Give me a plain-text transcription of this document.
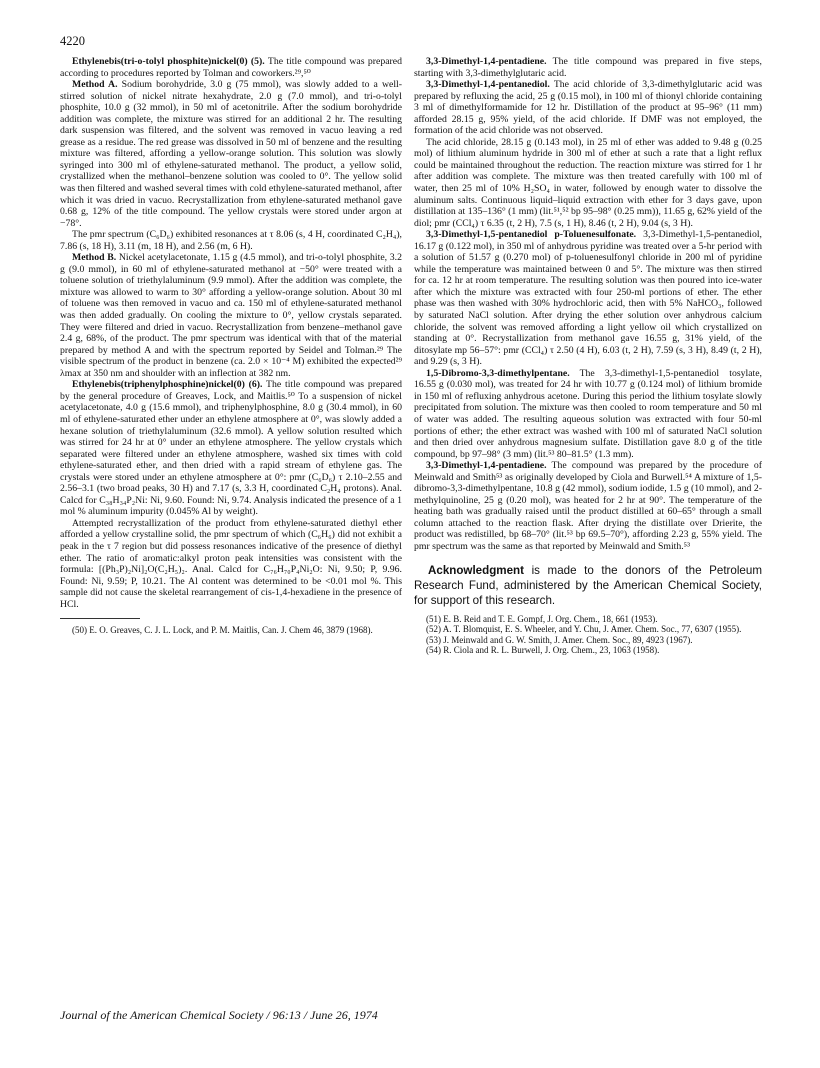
4220

Ethylenebis(tri-o-tolyl phosphite)nickel(0) (5). The title compound was prepared according to procedures reported by Tolman and coworkers.²⁹,⁵⁰

Method A. Sodium borohydride, 3.0 g (75 mmol), was slowly added to a well-stirred solution of nickel nitrate hexahydrate, 2.0 g (7.0 mmol), and tri-o-tolyl phosphite, 10.0 g (32 mmol), in 50 ml of acetonitrile. After the sodium borohydride addition was complete, the mixture was stirred for an additional 2 hr. The resulting dark suspension was filtered, and the solvent was removed in vacuo leaving a red grease as a residue. The red grease was dissolved in 50 ml of benzene and the resulting mixture was filtered, affording a yellow-orange solution. This solution was slowly syringed into 300 ml of ethylene-saturated methanol. The product, a yellow solid, crystallized when the methanol–benzene solution was cooled to 0°. The yellow solid was then filtered and washed several times with cold ethylene-saturated methanol, after which it was dried in vacuo. Recrystallization from ethylene-saturated methanol gave 0.68 g, 12% of the title compound. The yellow crystals were stored under argon at −78°.

The pmr spectrum (C₆D₆) exhibited resonances at τ 8.06 (s, 4 H, coordinated C₂H₄), 7.86 (s, 18 H), 3.11 (m, 18 H), and 2.56 (m, 6 H).

Method B. Nickel acetylacetonate, 1.15 g (4.5 mmol), and tri-o-tolyl phosphite, 3.2 g (9.0 mmol), in 60 ml of ethylene-saturated methanol at −50° were treated with a toluene solution of triethylaluminum (9.9 mmol). After the addition was complete, the mixture was allowed to warm to 30° affording a yellow-orange solution. About 30 ml of toluene was then removed in vacuo and ca. 150 ml of ethylene-saturated methanol was then added gradually. On cooling the mixture to 0°, yellow crystals separated. They were filtered and dried in vacuo. Recrystallization from benzene–methanol gave 2.4 g, 68%, of the product. The pmr spectrum was identical with that of the material prepared by method A and with the spectrum reported by Seidel and Tolman.²⁹ The visible spectrum of the product in benzene (ca. 2.0 × 10⁻⁴ M) exhibited the expected²⁹ λmax at 350 nm and shoulder with an inflection at 382 nm.

Ethylenebis(triphenylphosphine)nickel(0) (6). The title compound was prepared by the general procedure of Greaves, Lock, and Maitlis.⁵⁰ To a suspension of nickel acetylacetonate, 4.0 g (15.6 mmol), and triphenylphosphine, 8.0 g (30.4 mmol), in 60 ml of ethylene-saturated ether under an ethylene atmosphere at 0°, was slowly added a hexane solution of triethylaluminum (32.6 mmol). A yellow solution resulted which was stirred for 24 hr at 0° under an ethylene atmosphere. The yellow crystals which separated were filtered under an ethylene atmosphere, washed six times with cold ethylene-saturated ether, and then dried with a rapid stream of ethylene gas. The crystals were stored under an ethylene atmosphere at 0°: pmr (C₆D₆) τ 2.10–2.55 and 2.56–3.1 (two broad peaks, 30 H) and 7.17 (s, 3.3 H, coordinated C₂H₄ protons). Anal. Calcd for C₃₈H₃₄P₂Ni: Ni, 9.60. Found: Ni, 9.74. Analysis indicated the presence of a 1 mol % aluminum impurity (0.045% Al by weight).

Attempted recrystallization of the product from ethylene-saturated diethyl ether afforded a yellow crystalline solid, the pmr spectrum of which (C₆H₆) did not exhibit a peak in the τ 7 region but did possess resonances indicative of the presence of diethyl ether. The ratio of aromatic:alkyl proton peak intensities was consistent with the formula: [(Ph₃P)₂Ni]₂O(C₂H₅)₂. Anal. Calcd for C₇₆H₇₀P₄Ni₂O: Ni, 9.50; P, 9.96. Found: Ni, 9.59; P, 10.21. The Al content was determined to be <0.01 mol %. This sample did not cause the skeletal rearrangement of cis-1,4-hexadiene in the presence of HCl.

(50) E. O. Greaves, C. J. L. Lock, and P. M. Maitlis, Can. J. Chem 46, 3879 (1968).

3,3-Dimethyl-1,4-pentadiene. The title compound was prepared in five steps, starting with 3,3-dimethylglutaric acid.

3,3-Dimethyl-1,4-pentanediol. The acid chloride of 3,3-dimethylglutaric acid was prepared by refluxing the acid, 25 g (0.15 mol), in 100 ml of thionyl chloride containing 3 ml of dimethylformamide for 12 hr. Distillation of the product at 95–96° (11 mm) afforded 28.15 g, 95% yield, of the acid chloride. If DMF was not employed, the formation of the acid chloride was not observed.

The acid chloride, 28.15 g (0.143 mol), in 25 ml of ether was added to 9.48 g (0.25 mol) of lithium aluminum hydride in 300 ml of ether at such a rate that a light reflux could be maintained throughout the reduction. The reaction mixture was stirred for 1 hr after addition was complete. The mixture was then treated carefully with 100 ml of water, then 25 ml of 10% H₂SO₄ in water, followed by enough water to dissolve the aluminum salts. Continuous liquid–liquid extraction with ether for 3 days gave, upon distillation at 135–136° (1 mm) (lit.⁵¹,⁵² bp 95–98° (0.25 mm)), 11.65 g, 62% yield of the diol; pmr (CCl₄) τ 6.35 (t, 2 H), 7.5 (s, 1 H), 8.46 (t, 2 H), 9.04 (s, 3 H).

3,3-Dimethyl-1,5-pentanediol p-Toluenesulfonate. 3,3-Dimethyl-1,5-pentanediol, 16.17 g (0.122 mol), in 350 ml of anhydrous pyridine was treated over a 5-hr period with a solution of 51.57 g (0.270 mol) of p-toluenesulfonyl chloride in 200 ml of pyridine while the temperature was maintained between 0 and 5°. The mixture was then stirred for ca. 12 hr at room temperature. The resulting solution was then poured into ice-water after which the mixture was extracted with four 250-ml portions of ether. The ether phase was then washed with 30% hydrochloric acid, then with 5% NaHCO₃, followed by saturated NaCl solution. After drying the ether solution over anhydrous calcium chloride, the solvent was removed affording a light yellow oil which crystallized on standing at 0°. Recrystallization from methanol gave 16.55 g, 31% yield, of the ditosylate mp 56–57°: pmr (CCl₄) τ 2.50 (4 H), 6.03 (t, 2 H), 7.59 (s, 3 H), 8.49 (t, 2 H), and 9.29 (s, 3 H).

1,5-Dibromo-3,3-dimethylpentane. The 3,3-dimethyl-1,5-pentanediol tosylate, 16.55 g (0.030 mol), was treated for 24 hr with 10.77 g (0.124 mol) of lithium bromide in 150 ml of refluxing anhydrous acetone. During this period the lithium tosylate slowly precipitated from solution. The mixture was then cooled to room temperature and 50 ml of water was added. The resulting aqueous solution was extracted with four 50-ml portions of ether; the ether extract was washed with 100 ml of saturated NaCl solution and then dried over anhydrous magnesium sulfate. Distillation gave 8.0 g of the title compound, bp 97–98° (3 mm) (lit.⁵³ 80–81.5° (1.3 mm).

3,3-Dimethyl-1,4-pentadiene. The compound was prepared by the procedure of Meinwald and Smith⁵³ as originally developed by Ciola and Burwell.⁵⁴ A mixture of 1,5-dibromo-3,3-dimethylpentane, 10.8 g (42 mmol), sodium iodide, 1.5 g (10 mmol), and 2-methylquinoline, 25 g (0.20 mol), was heated for 2 hr at 90°. The temperature of the heating bath was gradually raised until the product distilled at 60–65° through a small column attached to the reaction flask. After drying the distillate over Drierite, the product was redistilled, bp 68–70° (lit.⁵³ bp 69.5–70°), affording 2.23 g, 55% yield. The pmr spectrum was the same as that reported by Meinwald and Smith.⁵³

Acknowledgment is made to the donors of the Petroleum Research Fund, administered by the American Chemical Society, for support of this research.

(51) E. B. Reid and T. E. Gompf, J. Org. Chem., 18, 661 (1953).

(52) A. T. Blomquist, E. S. Wheeler, and Y. Chu, J. Amer. Chem. Soc., 77, 6307 (1955).

(53) J. Meinwald and G. W. Smith, J. Amer. Chem. Soc., 89, 4923 (1967).

(54) R. Ciola and R. L. Burwell, J. Org. Chem., 23, 1063 (1958).

Journal of the American Chemical Society / 96:13 / June 26, 1974
